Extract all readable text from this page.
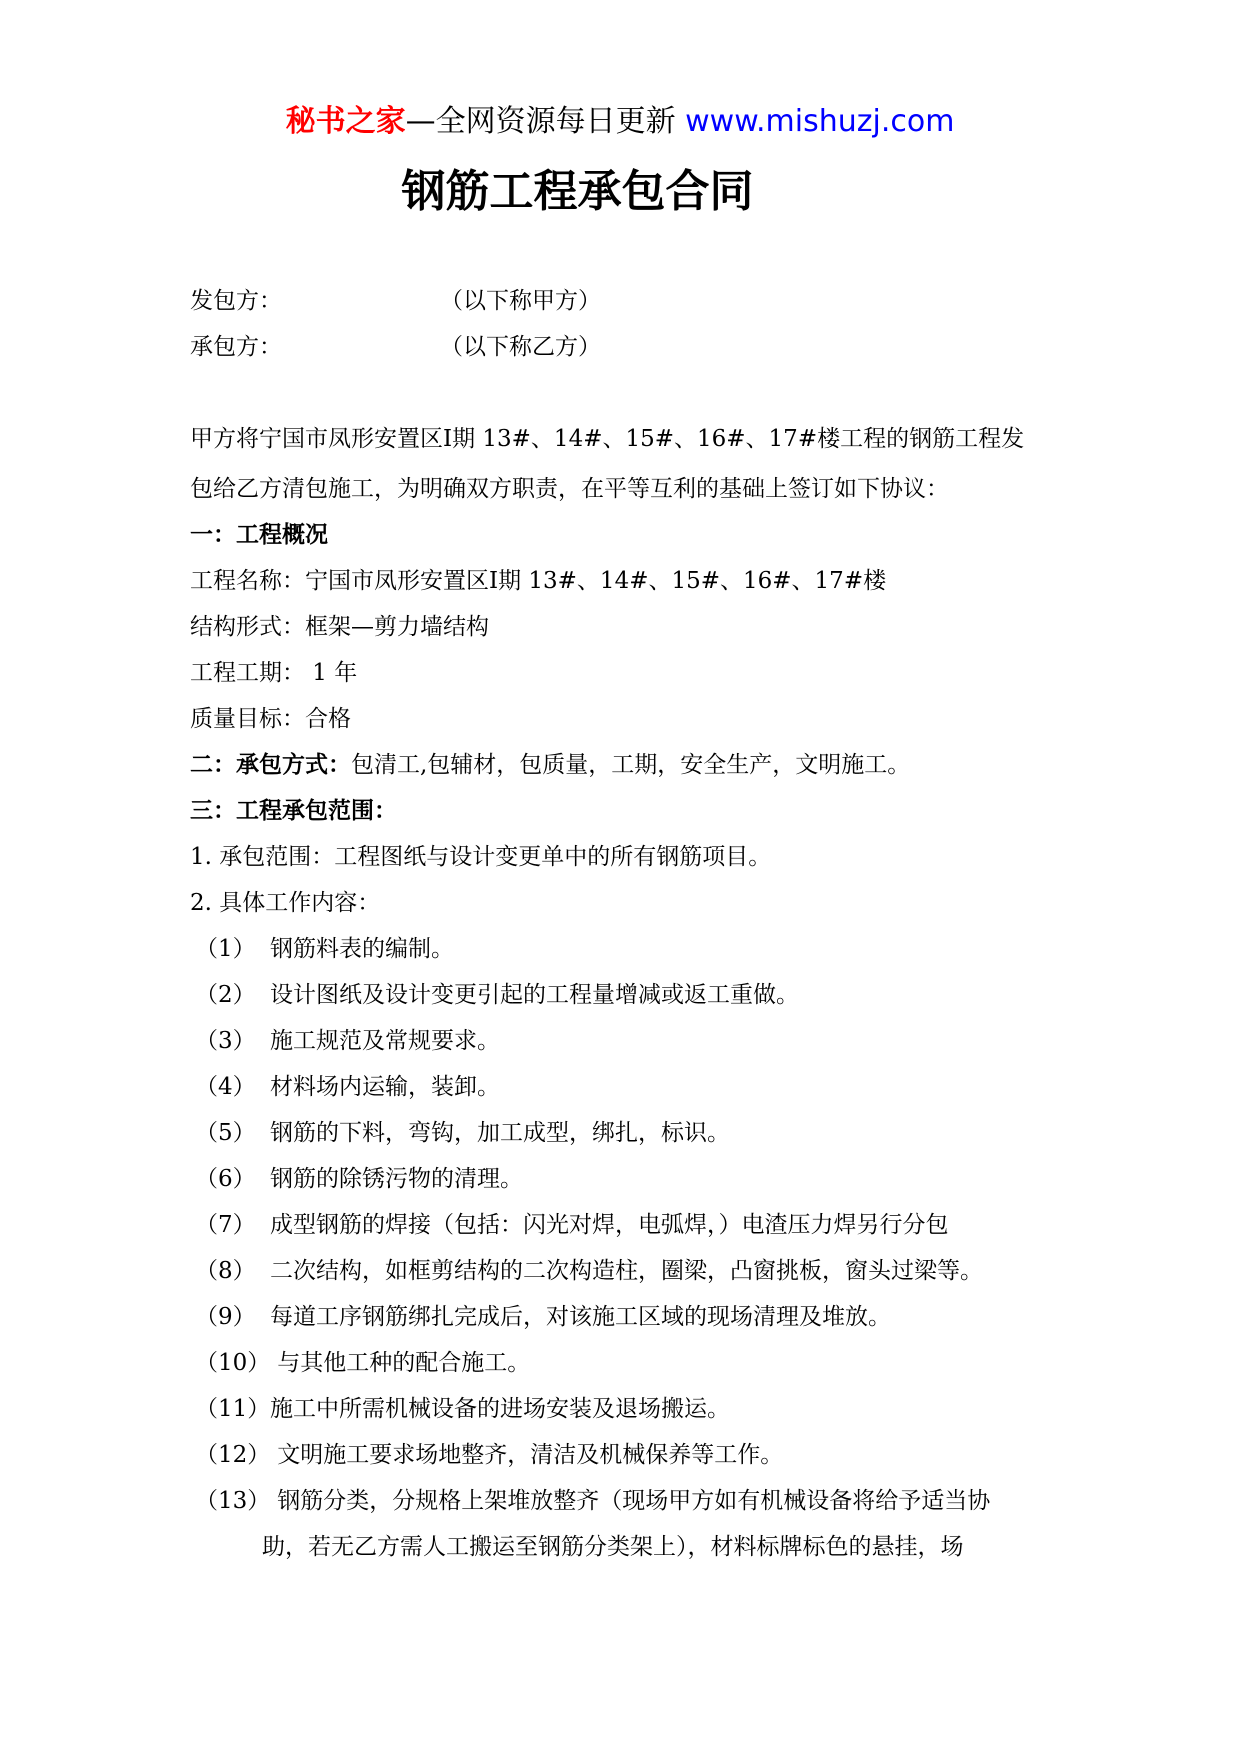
秘书之家—全网资源每日更新 www.mishuzj.com
钢筋工程承包合同
发包方：	（以下称甲方）
承包方：	（以下称乙方）
甲方将宁国市凤形安置区Ⅰ期 13#、14#、15#、16#、17#楼工程的钢筋工程发
包给乙方清包施工，为明确双方职责，在平等互利的基础上签订如下协议：
一：工程概况
工程名称：宁国市凤形安置区Ⅰ期 13#、14#、15#、16#、17#楼
结构形式：框架—剪力墙结构
工程工期： 1 年
质量目标：合格
二：承包方式：包清工,包辅材，包质量，工期，安全生产，文明施工。
三：工程承包范围：
1. 承包范围：工程图纸与设计变更单中的所有钢筋项目。
2. 具体工作内容：
（1） 钢筋料表的编制。
（2） 设计图纸及设计变更引起的工程量增减或返工重做。
（3） 施工规范及常规要求。
（4） 材料场内运输，装卸。
（5） 钢筋的下料，弯钩，加工成型，绑扎，标识。
（6） 钢筋的除锈污物的清理。
（7） 成型钢筋的焊接（包括：闪光对焊，电弧焊，）电渣压力焊另行分包
（8） 二次结构，如框剪结构的二次构造柱，圈梁，凸窗挑板，窗头过梁等。
（9） 每道工序钢筋绑扎完成后，对该施工区域的现场清理及堆放。
（10） 与其他工种的配合施工。
（11）施工中所需机械设备的进场安装及退场搬运。
（12） 文明施工要求场地整齐，清洁及机械保养等工作。
（13） 钢筋分类，分规格上架堆放整齐（现场甲方如有机械设备将给予适当协
助，若无乙方需人工搬运至钢筋分类架上），材料标牌标色的悬挂，场
